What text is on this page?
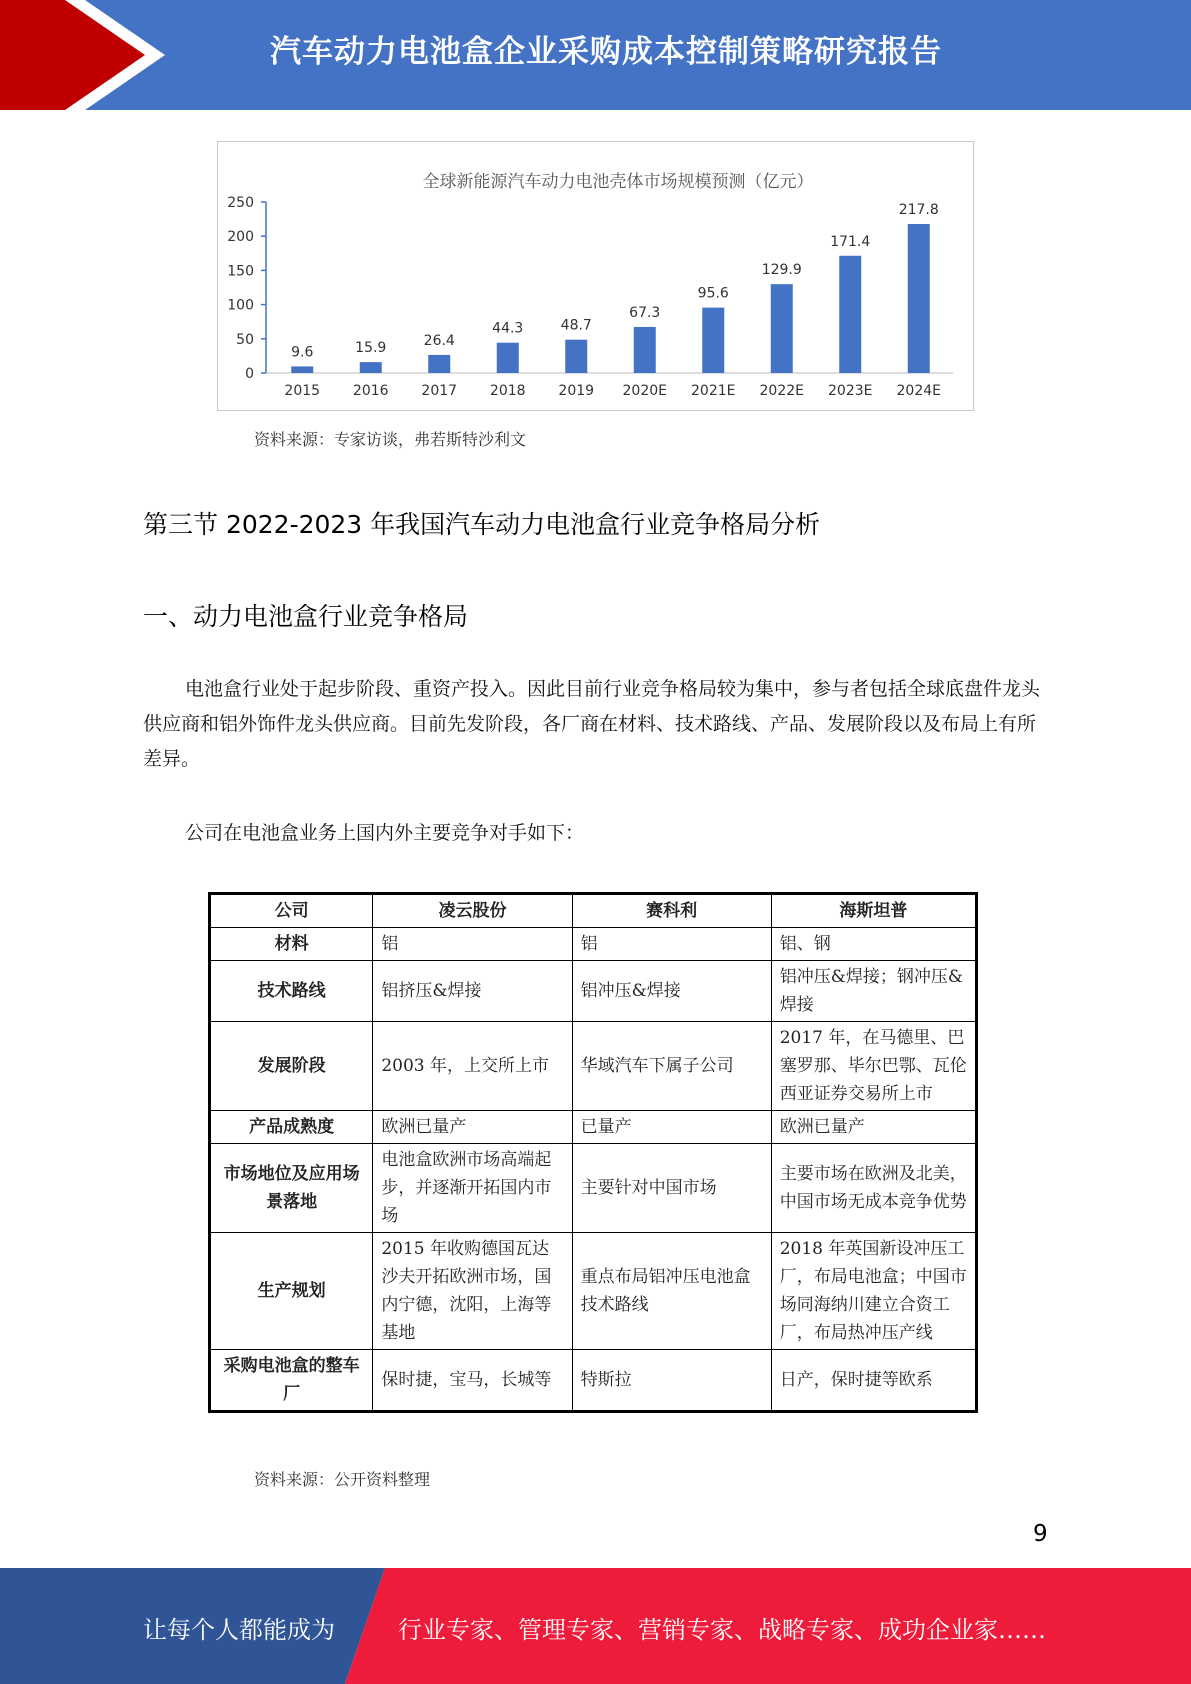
汽车动力电池盒企业采购成本控制策略研究报告
全球新能源汽车动力电池壳体市场规模预测（亿元）
0
50
100
150
200
250
9.6	15.9	26.4
44.3	48.7
67.3
95.6
129.9
171.4
217.8
2015 2016 2017 2018 2019 2020E 2021E 2022E 2023E 2024E
资料来源：专家访谈，弗若斯特沙利文
第三节 2022-2023 年我国汽车动力电池盒行业竞争格局分析
一、动力电池盒行业竞争格局

电池盒行业处于起步阶段、重资产投入。因此目前行业竞争格局较为集中，参与者包括全球底盘件龙头供应商和铝外饰件龙头供应商。目前先发阶段，各厂商在材料、技术路线、产品、发展阶段以及布局上有所差异。

公司在电池盒业务上国内外主要竞争对手如下：
公司	凌云股份	赛科利	海斯坦普
材料	铝	铝	铝、钢
技术路线	铝挤压&焊接	铝冲压&焊接	铝冲压&焊接；钢冲压&焊接
发展阶段	2003 年，上交所上市	华域汽车下属子公司	2017 年，在马德里、巴塞罗那、毕尔巴鄂、瓦伦西亚证券交易所上市
产品成熟度	欧洲已量产	已量产	欧洲已量产
市场地位及应用场景落地	电池盒欧洲市场高端起步，并逐渐开拓国内市场	主要针对中国市场	主要市场在欧洲及北美，中国市场无成本竞争优势
生产规划	2015 年收购德国瓦达沙夫开拓欧洲市场，国内宁德，沈阳，上海等基地	重点布局铝冲压电池盒技术路线	2018 年英国新设冲压工厂，布局电池盒；中国市场同海纳川建立合资工厂，布局热冲压产线
采购电池盒的整车厂	保时捷，宝马，长城等	特斯拉	日产，保时捷等欧系
资料来源：公开资料整理
9
让每个人都能成为	行业专家、管理专家、营销专家、战略专家、成功企业家……
